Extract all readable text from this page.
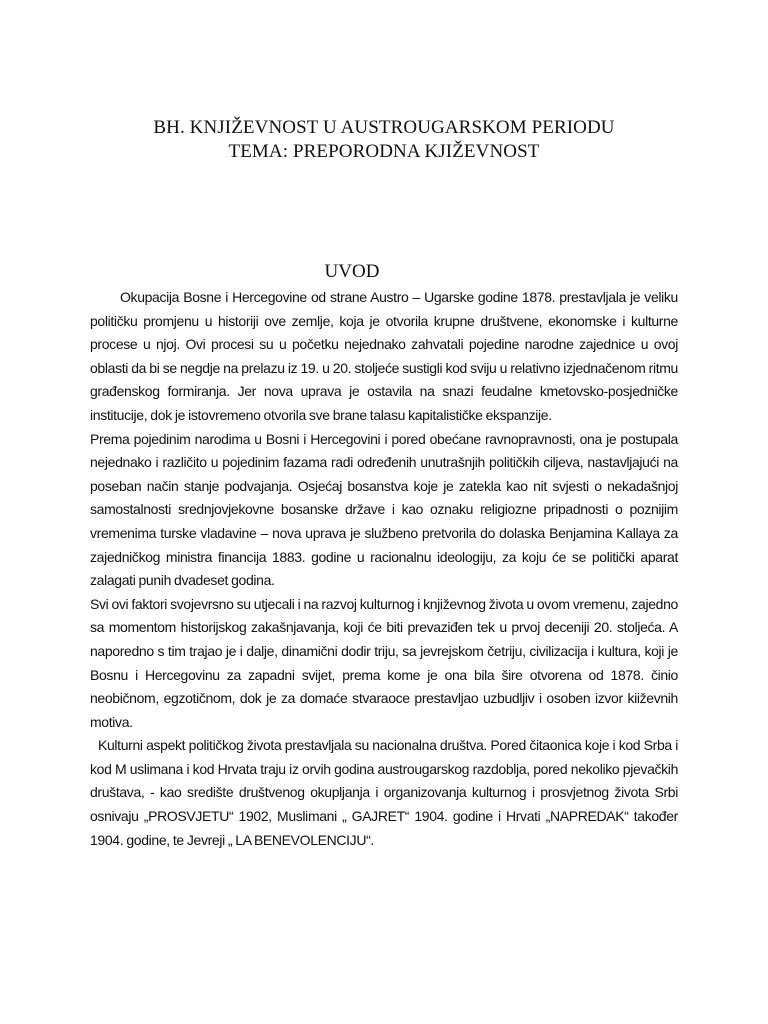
BH. KNJIŽEVNOST U AUSTROUGARSKOM PERIODU
TEMA: PREPORODNA KJIŽEVNOST
UVOD

Okupacija Bosne i Hercegovine od strane Austro – Ugarske godine 1878. prestavljala je veliku političku promjenu u historiji ove zemlje, koja je otvorila krupne društvene, ekonomske i kulturne procese u njoj. Ovi procesi su u početku nejednako zahvatali pojedine narodne zajednice u ovoj oblasti da bi se negdje na prelazu iz 19. u 20. stoljeće sustigli kod sviju u relativno izjednačenom ritmu građenskog formiranja. Jer nova uprava je ostavila na snazi feudalne kmetovsko-posjedničke institucije, dok je istovremeno otvorila sve brane talasu kapitalističke ekspanzije.

Prema pojedinim narodima u Bosni i Hercegovini i pored obećane ravnopravnosti, ona je postupala nejednako i različito u pojedinim fazama radi određenih unutrašnjih političkih ciljeva, nastavljajući na poseban način stanje podvajanja. Osjećaj bosanstva koje je zatekla kao nit svjesti o nekadašnjoj samostalnosti srednjovjekovne bosanske države i kao oznaku religiozne pripadnosti o poznijim vremenima turske vladavine – nova uprava je službeno pretvorila do dolaska Benjamina Kallaya za zajedničkog ministra financija 1883. godine u racionalnu ideologiju, za koju će se politički aparat zalagati punih dvadeset godina.

Svi ovi faktori svojevrsno su utjecali i na razvoj kulturnog i književnog života u ovom vremenu, zajedno sa momentom historijskog zakašnjavanja, koji će biti prevaziđen tek u prvoj deceniji 20. stoljeća. A naporedno s tim trajao je i dalje, dinamični dodir triju, sa jevrejskom četriju, civilizacija i kultura, koji je Bosnu i Hercegovinu za zapadni svijet, prema kome je ona bila šire otvorena od 1878. činio neobičnom, egzotičnom, dok je za domaće stvaraoce prestavljao uzbudljiv i osoben izvor kiiževnih motiva.

Kulturni aspekt političkog života prestavljala su nacionalna društva. Pored čitaonica koje i kod Srba i kod M uslimana i kod Hrvata traju iz orvih godina austrougarskog razdoblja, pored nekoliko pjevačkih društava, - kao središte društvenog okupljanja i organizovanja kulturnog i prosvjetnog života Srbi osnivaju „PROSVJETU“ 1902, Muslimani „ GAJRET“ 1904. godine i Hrvati „NAPREDAK“ također 1904. godine, te Jevreji „ LA BENEVOLENCIJU“.
